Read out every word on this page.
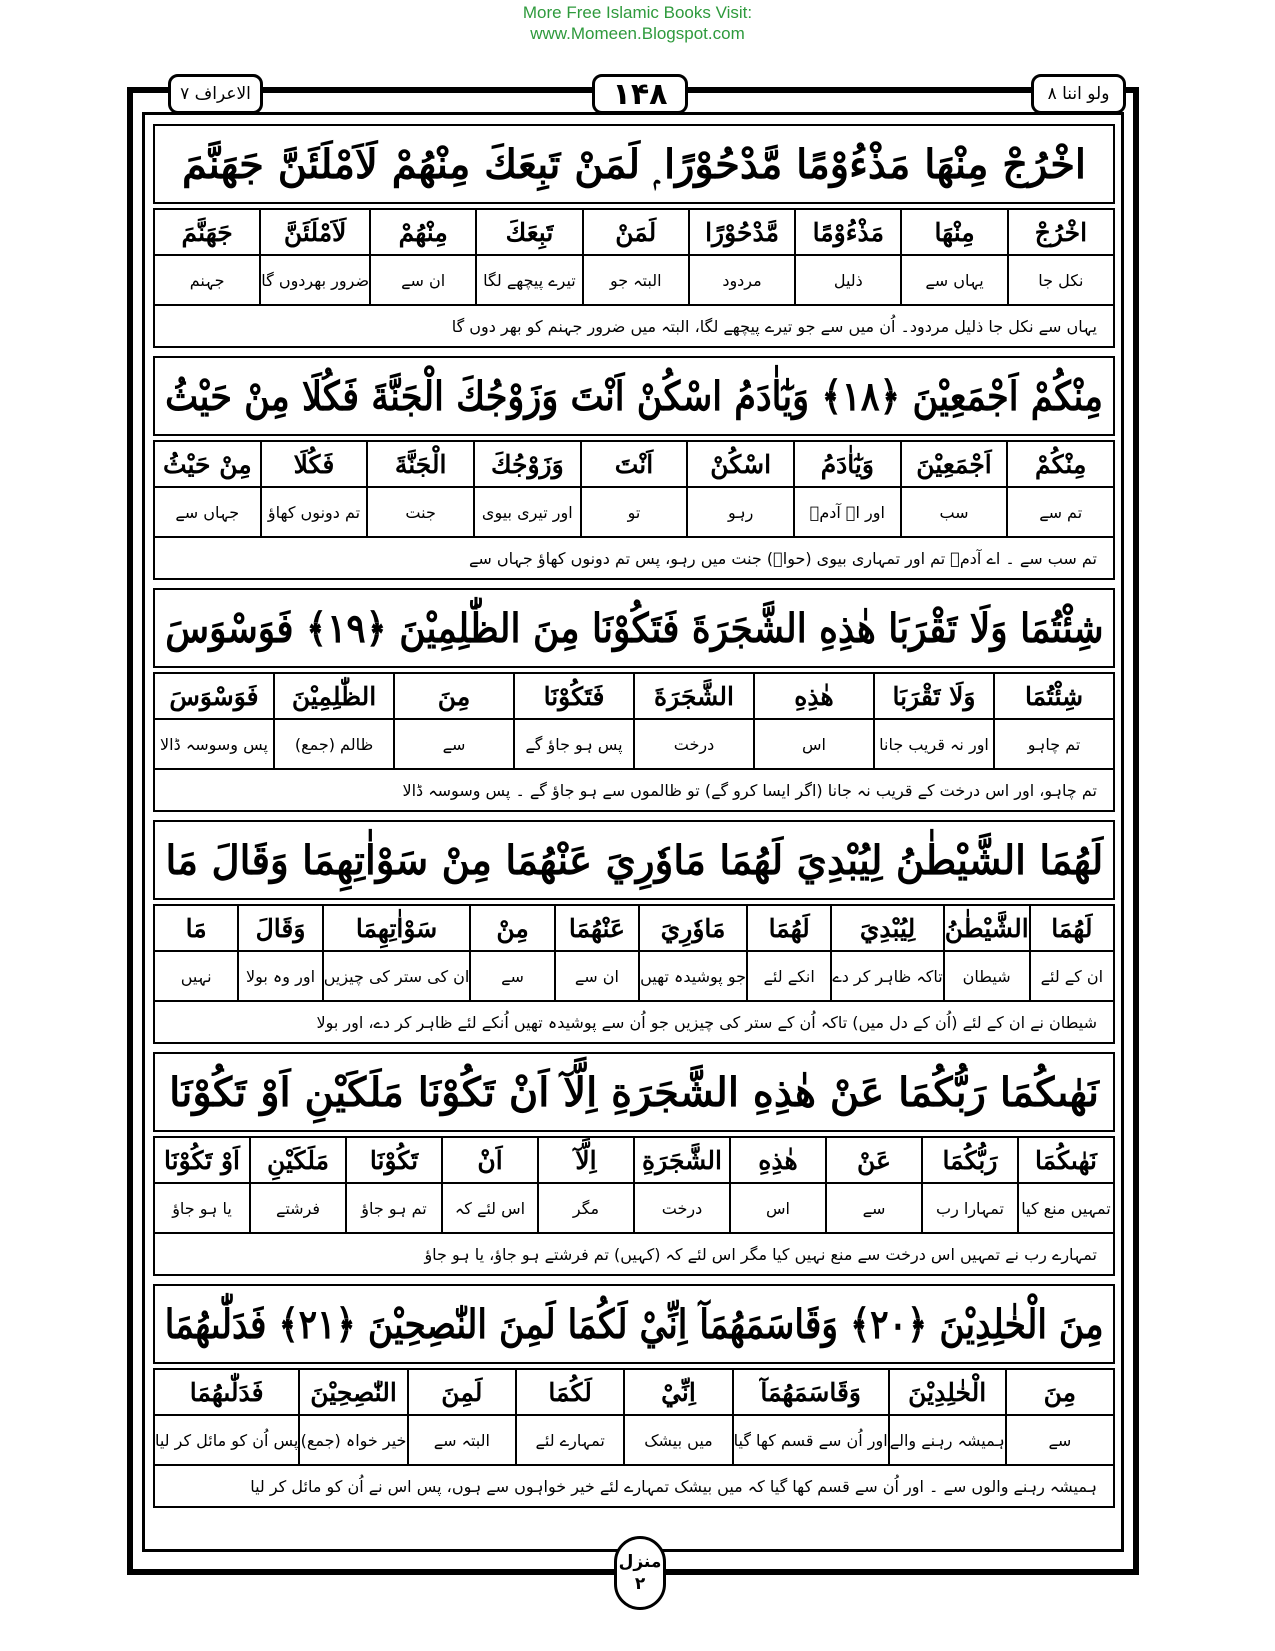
More Free Islamic Books Visit:
www.Momeen.Blogspot.com
الاعراف ٧	۱۴۸	ولو اننا ٨
اخْرُجْ مِنْهَا مَذْءُوْمًا مَّدْحُوْرًا ۭ لَمَنْ تَبِعَكَ مِنْهُمْ لَاَمْلَئَنَّ جَهَنَّمَ
اخْرُجْ
نکل جا
مِنْهَا
یہاں سے
مَذْءُوْمًا
ذلیل
مَّدْحُوْرًا
مردود
لَمَنْ
البتہ جو
تَبِعَكَ
تیرے پیچھے لگا
مِنْهُمْ
ان سے
لَاَمْلَئَنَّ
ضرور بھردوں گا
جَهَنَّمَ
جہنم
یہاں سے نکل جا ذلیل مردود۔ اُن میں سے جو تیرے پیچھے لگا، البتہ میں ضرور جہنم کو بھر دوں گا
مِنْكُمْ اَجْمَعِيْنَ ﴿١٨﴾ وَيٰٓاٰدَمُ اسْكُنْ اَنْتَ وَزَوْجُكَ الْجَنَّةَ فَكُلَا مِنْ حَيْثُ
مِنْكُمْ
تم سے
اَجْمَعِيْنَ
سب
وَيٰٓاٰدَمُ
اور اے آدمؑ
اسْكُنْ
رہو
اَنْتَ
تو
وَزَوْجُكَ
اور تیری بیوی
الْجَنَّةَ
جنت
فَكُلَا
تم دونوں کھاؤ
مِنْ حَيْثُ
جہاں سے
تم سب سے ۔ اے آدمؑ تم اور تمہاری بیوی (حواؑ) جنت میں رہو، پس تم دونوں کھاؤ جہاں سے
شِئْتُمَا وَلَا تَقْرَبَا هٰذِهِ الشَّجَرَةَ فَتَكُوْنَا مِنَ الظّٰلِمِيْنَ ﴿١٩﴾ فَوَسْوَسَ
شِئْتُمَا
تم چاہو
وَلَا تَقْرَبَا
اور نہ قریب جانا
هٰذِهِ
اس
الشَّجَرَةَ
درخت
فَتَكُوْنَا
پس ہو جاؤ گے
مِنَ
سے
الظّٰلِمِيْنَ
ظالم (جمع)
فَوَسْوَسَ
پس وسوسہ ڈالا
تم چاہو، اور اس درخت کے قریب نہ جانا (اگر ایسا کرو گے) تو ظالموں سے ہو جاؤ گے ۔ پس وسوسہ ڈالا
لَهُمَا الشَّيْطٰنُ لِيُبْدِيَ لَهُمَا مَاوٗرِيَ عَنْهُمَا مِنْ سَوْاٰتِهِمَا وَقَالَ مَا
لَهُمَا
ان کے لئے
الشَّيْطٰنُ
شیطان
لِيُبْدِيَ
تاکہ ظاہر کر دے
لَهُمَا
انکے لئے
مَاوٗرِيَ
جو پوشیدہ تھیں
عَنْهُمَا
ان سے
مِنْ
سے
سَوْاٰتِهِمَا
ان کی ستر کی چیزیں
وَقَالَ
اور وہ بولا
مَا
نہیں
شیطان نے ان کے لئے (اُن کے دل میں) تاکہ اُن کے ستر کی چیزیں جو اُن سے پوشیدہ تھیں اُنکے لئے ظاہر کر دے، اور بولا
نَهٰىكُمَا رَبُّكُمَا عَنْ هٰذِهِ الشَّجَرَةِ اِلَّآ اَنْ تَكُوْنَا مَلَكَيْنِ اَوْ تَكُوْنَا
نَهٰىكُمَا
تمہیں منع کیا
رَبُّكُمَا
تمہارا رب
عَنْ
سے
هٰذِهِ
اس
الشَّجَرَةِ
درخت
اِلَّآ
مگر
اَنْ
اس لئے کہ
تَكُوْنَا
تم ہو جاؤ
مَلَكَيْنِ
فرشتے
اَوْ تَكُوْنَا
یا ہو جاؤ
تمہارے رب نے تمہیں اس درخت سے منع نہیں کیا مگر اس لئے کہ (کہیں) تم فرشتے ہو جاؤ، یا ہو جاؤ
مِنَ الْخٰلِدِيْنَ ﴿٢٠﴾ وَقَاسَمَهُمَآ اِنِّيْ لَكُمَا لَمِنَ النّٰصِحِيْنَ ﴿٢١﴾ فَدَلّٰىهُمَا
مِنَ
سے
الْخٰلِدِيْنَ
ہمیشہ رہنے والے
وَقَاسَمَهُمَآ
اور اُن سے قسم کھا گیا
اِنِّيْ
میں بیشک
لَكُمَا
تمہارے لئے
لَمِنَ
البتہ سے
النّٰصِحِيْنَ
خیر خواہ (جمع)
فَدَلّٰىهُمَا
پس اُن کو مائل کر لیا
ہمیشہ رہنے والوں سے ۔ اور اُن سے قسم کھا گیا کہ میں بیشک تمہارے لئے خیر خواہوں سے ہوں، پس اس نے اُن کو مائل کر لیا
منزل
۲
